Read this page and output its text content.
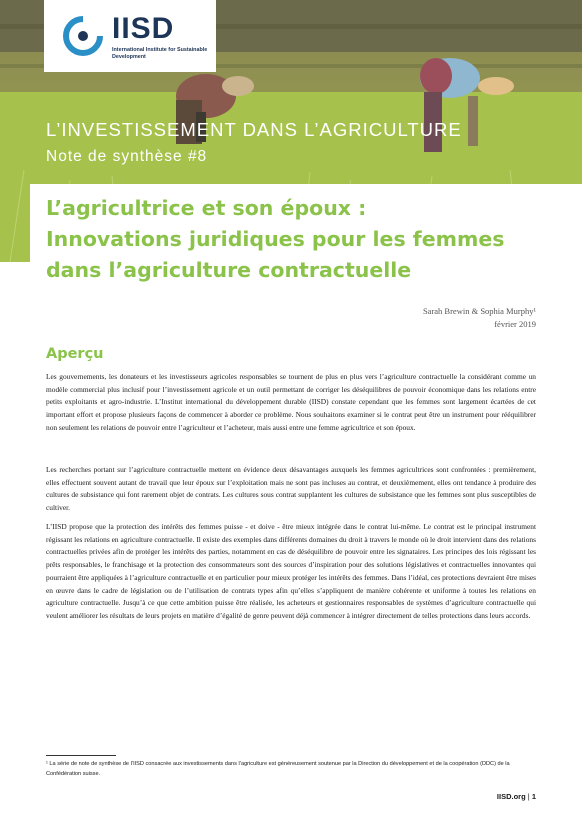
IISD
International Institute for Sustainable Development
L’INVESTISSEMENT DANS L’AGRICULTURE
Note de synthèse #8
L’agricultrice et son époux :
Innovations juridiques pour les femmes
dans l’agriculture contractuelle
Sarah Brewin & Sophia Murphy¹
février 2019
Aperçu

Les gouvernements, les donateurs et les investisseurs agricoles responsables se tournent de plus en plus vers l’agriculture contractuelle la considérant comme un modèle commercial plus inclusif pour l’investissement agricole et un outil permettant de corriger les déséquilibres de pouvoir économique dans les relations entre petits exploitants et agro-industrie. L’Institut international du développement durable (IISD) constate cependant que les femmes sont largement écartées de cet important effort et propose plusieurs façons de commencer à aborder ce problème. Nous souhaitons examiner si le contrat peut être un instrument pour rééquilibrer non seulement les relations de pouvoir entre l’agriculteur et l’acheteur, mais aussi entre une femme agricultrice et son époux.

Les recherches portant sur l’agriculture contractuelle mettent en évidence deux désavantages auxquels les femmes agricultrices sont confrontées : premièrement, elles effectuent souvent autant de travail que leur époux sur l’exploitation mais ne sont pas incluses au contrat, et deuxièmement, elles ont tendance à produire des cultures de subsistance qui font rarement objet de contrats. Les cultures sous contrat supplantent les cultures de subsistance que les femmes sont plus susceptibles de cultiver.

L’IISD propose que la protection des intérêts des femmes puisse - et doive - être mieux intégrée dans le contrat lui-même. Le contrat est le principal instrument régissant les relations en agriculture contractuelle. Il existe des exemples dans différents domaines du droit à travers le monde où le droit intervient dans des relations contractuelles privées afin de protéger les intérêts des parties, notamment en cas de déséquilibre de pouvoir entre les signataires. Les principes des lois régissant les prêts responsables, le franchisage et la protection des consommateurs sont des sources d’inspiration pour des solutions législatives et contractuelles innovantes qui pourraient être appliquées à l’agriculture contractuelle et en particulier pour mieux protéger les intérêts des femmes. Dans l’idéal, ces protections devraient être mises en œuvre dans le cadre de législation ou de l’utilisation de contrats types afin qu’elles s’appliquent de manière cohérente et uniforme à toutes les relations en agriculture contractuelle. Jusqu’à ce que cette ambition puisse être réalisée, les acheteurs et gestionnaires responsables de systèmes d’agriculture contractuelle qui veulent améliorer les résultats de leurs projets en matière d’égalité de genre peuvent déjà commencer à intégrer directement de telles protections dans leurs accords.

¹ La série de note de synthèse de l’IISD consacrée aux investissements dans l’agriculture est généreusement soutenue par la Direction du développement et de la coopération (DDC) de la Confédération suisse.

IISD.org | 1
